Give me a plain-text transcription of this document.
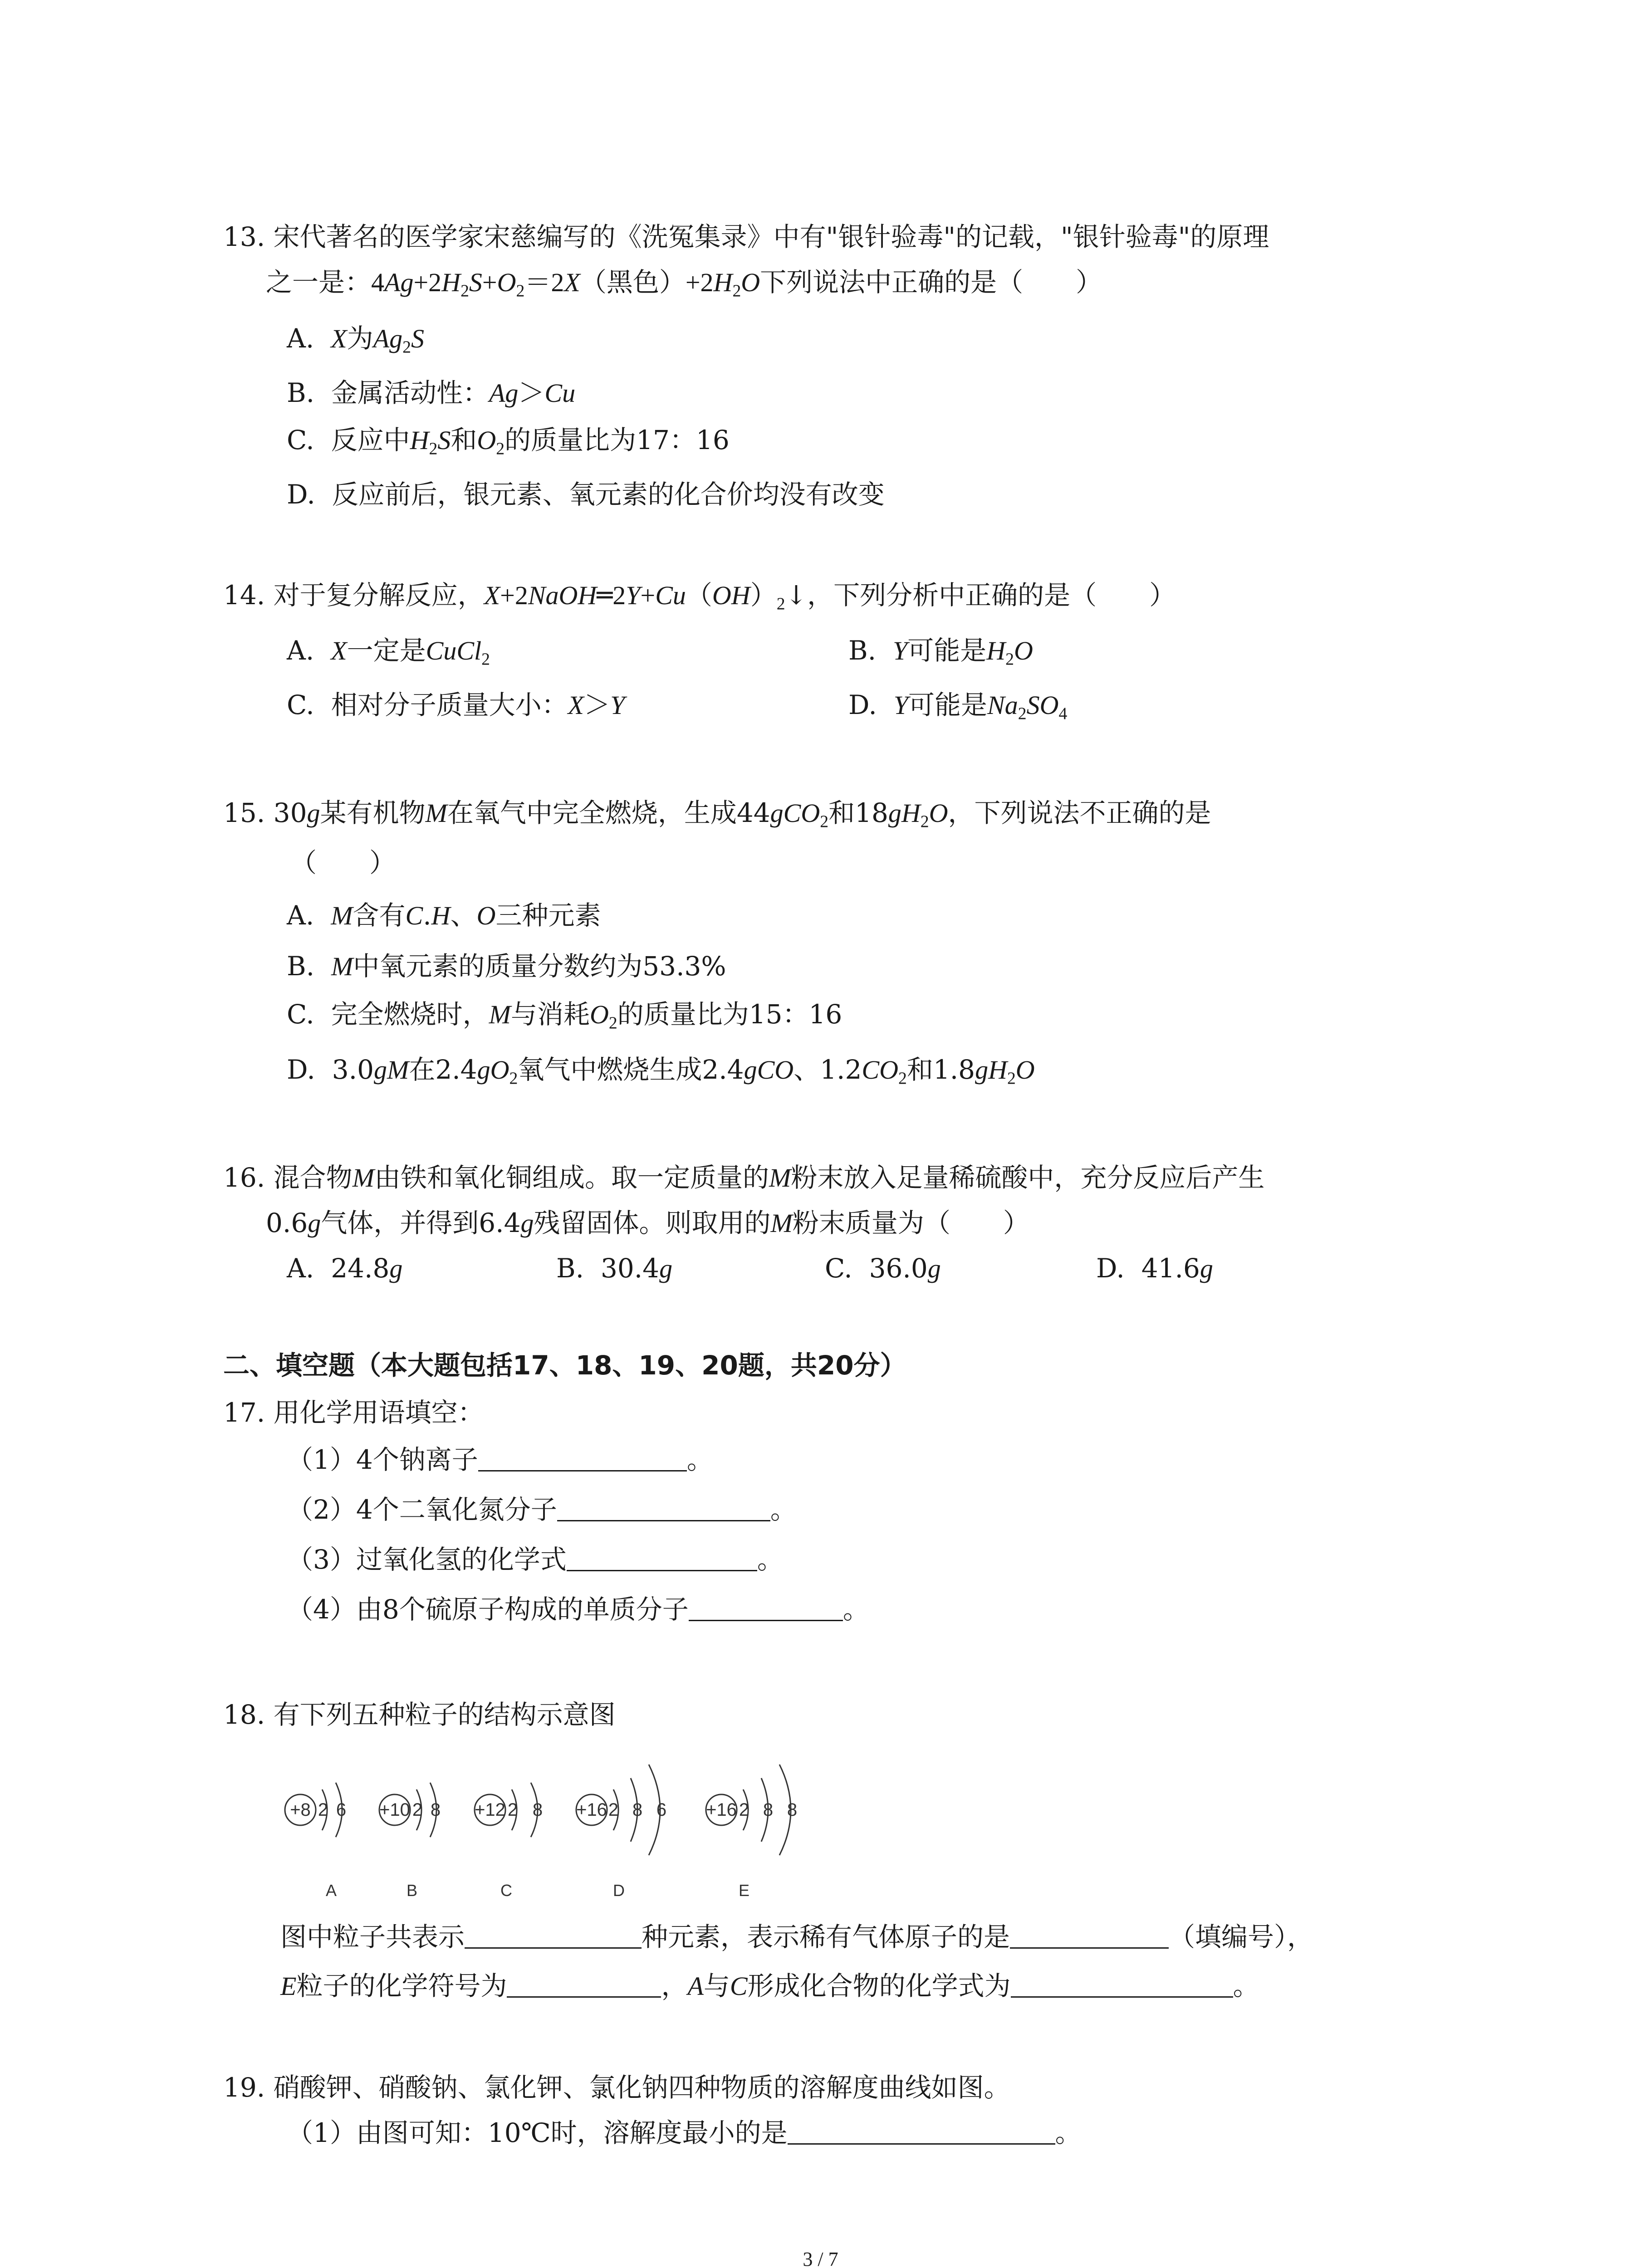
13. 宋代著名的医学家宋慈编写的《洗冤集录》中有"银针验毒"的记载，"银针验毒"的原理
之一是：$4Ag+2H_2S+O_2=2X$（黑色）$+2H_2O$下列说法中正确的是（　　）
A. X为$Ag_2S$
B. 金属活动性：Ag＞Cu
C. 反应中$H_2S$和$O_2$的质量比为17：16
D. 反应前后，银元素、氧元素的化合价均没有改变
14. 对于复分解反应，$X+2NaOH═2Y+Cu(OH)_2↓$，下列分析中正确的是（　　）
A. X一定是CuCl$_2$	B. Y可能是$H_2O$
C. 相对分子质量大小：X＞Y	D. Y可能是$Na_2SO_4$
15. 30g某有机物M在氧气中完全燃烧，生成44gCO$_2$和$18gH_2O$，下列说法不正确的是
（　　）
A. M含有C.H、O三种元素
B. M中氧元素的质量分数约为53.3%
C. 完全燃烧时，M与消耗$O_2$的质量比为15：16
D. 3.0gM在$2.4gO_2$氧气中燃烧生成2.4gCO、$1.2CO_2$和$1.8gH_2O$
16. 混合物M由铁和氧化铜组成。取一定质量的M粉末放入足量稀硫酸中，充分反应后产生
0.6g气体，并得到6.4g残留固体。则取用的M粉末质量为（　　）
A. 24.8g	B. 30.4g	C. 36.0g	D. 41.6g
二、填空题（本大题包括17、18、19、20题，共20分）
17. 用化学用语填空：
（1）4个钠离子	。
（2）4个二氧化氮分子	。
（3）过氧化氢的化学式	。
（4）由8个硫原子构成的单质分子	。
18. 有下列五种粒子的结构示意图
+8 2 6
A
+10 2 8
B
+12 2 8
C
+16 2 8 6
D
+16 2 8 8
E
图中粒子共表示	种元素，表示稀有气体原子的是	（填编号），
E粒子的化学符号为	，A与C形成化合物的化学式为	。
19. 硝酸钾、硝酸钠、氯化钾、氯化钠四种物质的溶解度曲线如图。
（1）由图可知：10℃时，溶解度最小的是	。
3 / 7
